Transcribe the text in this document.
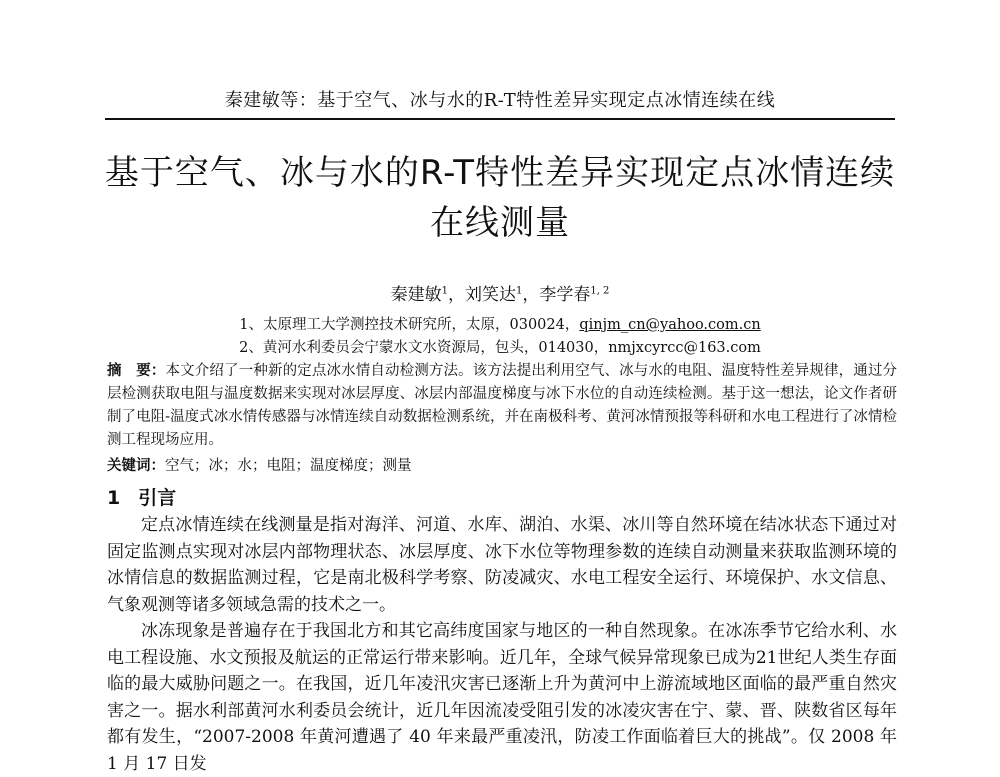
秦建敏等：基于空气、冰与水的R-T特性差异实现定点冰情连续在线
基于空气、冰与水的R-T特性差异实现定点冰情连续
在线测量
秦建敏$^1$，刘笑达$^1$，李学春$^{1, 2}$
1、太原理工大学测控技术研究所，太原，030024，qinjm_cn@yahoo.com.cn
2、黄河水利委员会宁蒙水文水资源局，包头，014030，nmjxcyrcc@163.com
摘　要：本文介绍了一种新的定点冰水情自动检测方法。该方法提出利用空气、冰与水的电阻、温度特性差异规律，通过分层检测获取电阻与温度数据来实现对冰层厚度、冰层内部温度梯度与冰下水位的自动连续检测。基于这一想法，论文作者研制了电阻-温度式冰水情传感器与冰情连续自动数据检测系统，并在南极科考、黄河冰情预报等科研和水电工程进行了冰情检测工程现场应用。
关键词：空气；冰；水；电阻；温度梯度；测量
1 引言

定点冰情连续在线测量是指对海洋、河道、水库、湖泊、水渠、冰川等自然环境在结冰状态下通过对固定监测点实现对冰层内部物理状态、冰层厚度、冰下水位等物理参数的连续自动测量来获取监测环境的冰情信息的数据监测过程，它是南北极科学考察、防凌减灾、水电工程安全运行、环境保护、水文信息、气象观测等诸多领域急需的技术之一。

冰冻现象是普遍存在于我国北方和其它高纬度国家与地区的一种自然现象。在冰冻季节它给水利、水电工程设施、水文预报及航运的正常运行带来影响。近几年，全球气候异常现象已成为21世纪人类生存面临的最大威胁问题之一。在我国，近几年凌汛灾害已逐渐上升为黄河中上游流域地区面临的最严重自然灾害之一。据水利部黄河水利委员会统计，近几年因流凌受阻引发的冰凌灾害在宁、蒙、晋、陕数省区每年都有发生，“2007-2008 年黄河遭遇了 40 年来最严重凌汛，防凌工作面临着巨大的挑战”。仅 2008 年 1 月 17 日发
